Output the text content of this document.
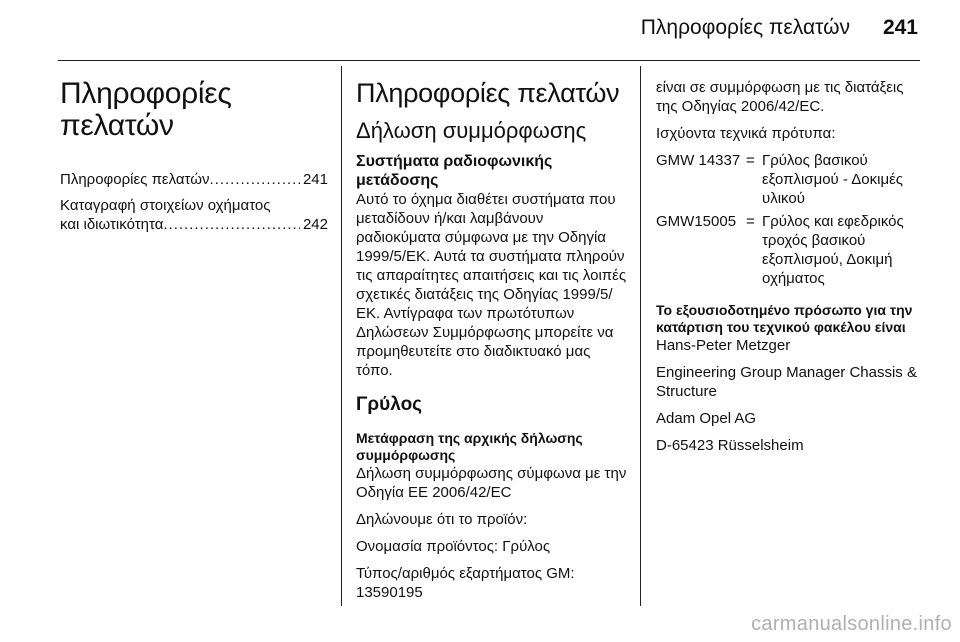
Πληροφορίες πελατών 241
Πληροφορίες
πελατών
Πληροφορίες πελατών .....	241
Καταγραφή στοιχείων οχήματος
και ιδιωτικότητα .....	242
Πληροφορίες πελατών
Δήλωση συμμόρφωσης
Συστήματα ραδιοφωνικής μετάδοσης

Αυτό το όχημα διαθέτει συστήματα που μεταδίδουν ή/και λαμβάνουν ραδιοκύματα σύμφωνα με την Οδηγία 1999/5/ΕΚ. Αυτά τα συστήματα πληρούν τις απαραίτητες απαιτήσεις και τις λοιπές σχετικές διατάξεις της Οδηγίας 1999/5/ΕΚ. Αντίγραφα των πρωτότυπων Δηλώσεων Συμμόρφωσης μπορείτε να προμηθευτείτε στο διαδικτυακό μας τόπο.

Γρύλος
Μετάφραση της αρχικής δήλωσης συμμόρφωσης

Δήλωση συμμόρφωσης σύμφωνα με την Οδηγία ΕΕ 2006/42/EC

Δηλώνουμε ότι το προϊόν:

Ονομασία προϊόντος: Γρύλος

Τύπος/αριθμός εξαρτήματος GM: 13590195

είναι σε συμμόρφωση με τις διατάξεις της Οδηγίας 2006/42/EC.

Ισχύοντα τεχνικά πρότυπα:

GMW 14337 = Γρύλος βασικού εξοπλισμού - Δοκιμές υλικού
GMW15005 = Γρύλος και εφεδρικός τροχός βασικού εξοπλισμού, Δοκιμή οχήματος
Το εξουσιοδοτημένο πρόσωπο για την κατάρτιση του τεχνικού φακέλου είναι

Hans-Peter Metzger

Engineering Group Manager Chassis & Structure

Adam Opel AG

D-65423 Rüsselsheim

carmanualsonline.info
